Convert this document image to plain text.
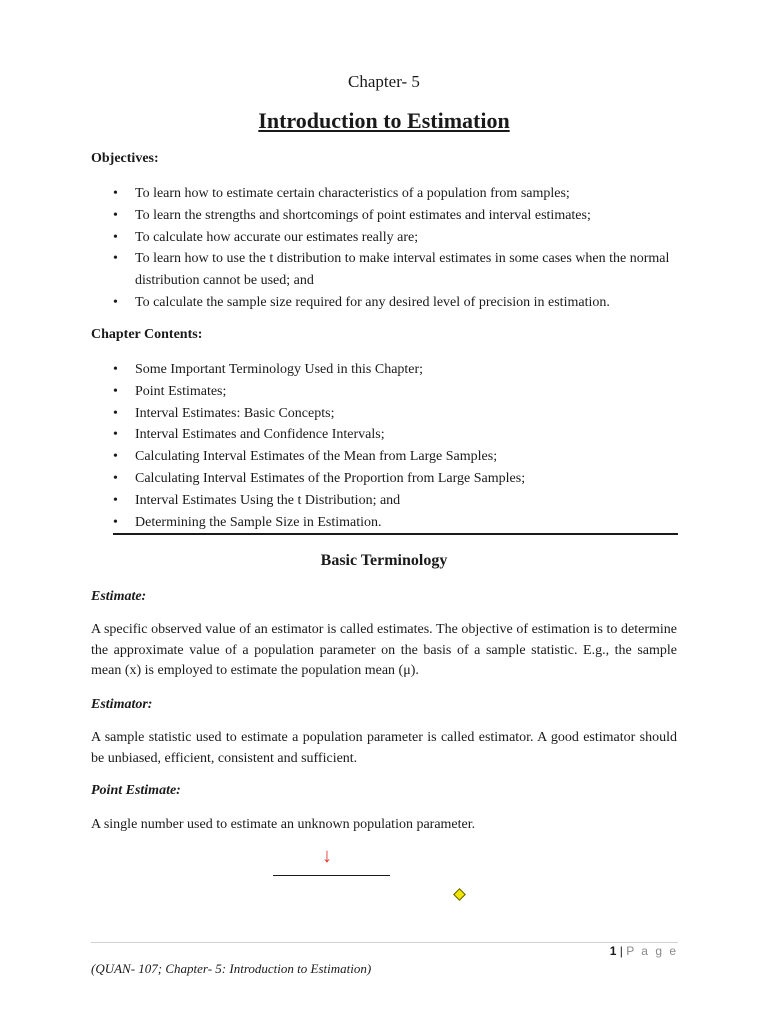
Chapter- 5
Introduction to Estimation
Objectives:
• To learn how to estimate certain characteristics of a population from samples;
• To learn the strengths and shortcomings of point estimates and interval estimates;
• To calculate how accurate our estimates really are;
• To learn how to use the t distribution to make interval estimates in some cases when the normal distribution cannot be used; and
• To calculate the sample size required for any desired level of precision in estimation.
Chapter Contents:
• Some Important Terminology Used in this Chapter;
• Point Estimates;
• Interval Estimates: Basic Concepts;
• Interval Estimates and Confidence Intervals;
• Calculating Interval Estimates of the Mean from Large Samples;
• Calculating Interval Estimates of the Proportion from Large Samples;
• Interval Estimates Using the t Distribution; and
• Determining the Sample Size in Estimation.
Basic Terminology
Estimate:
A specific observed value of an estimator is called estimates. The objective of estimation is to determine the approximate value of a population parameter on the basis of a sample statistic. E.g., the sample mean (x) is employed to estimate the population mean (μ).
Estimator:
A sample statistic used to estimate a population parameter is called estimator. A good estimator should be unbiased, efficient, consistent and sufficient.
Point Estimate:
A single number used to estimate an unknown population parameter.
↓
1 | P a g e
(QUAN- 107; Chapter- 5: Introduction to Estimation)
